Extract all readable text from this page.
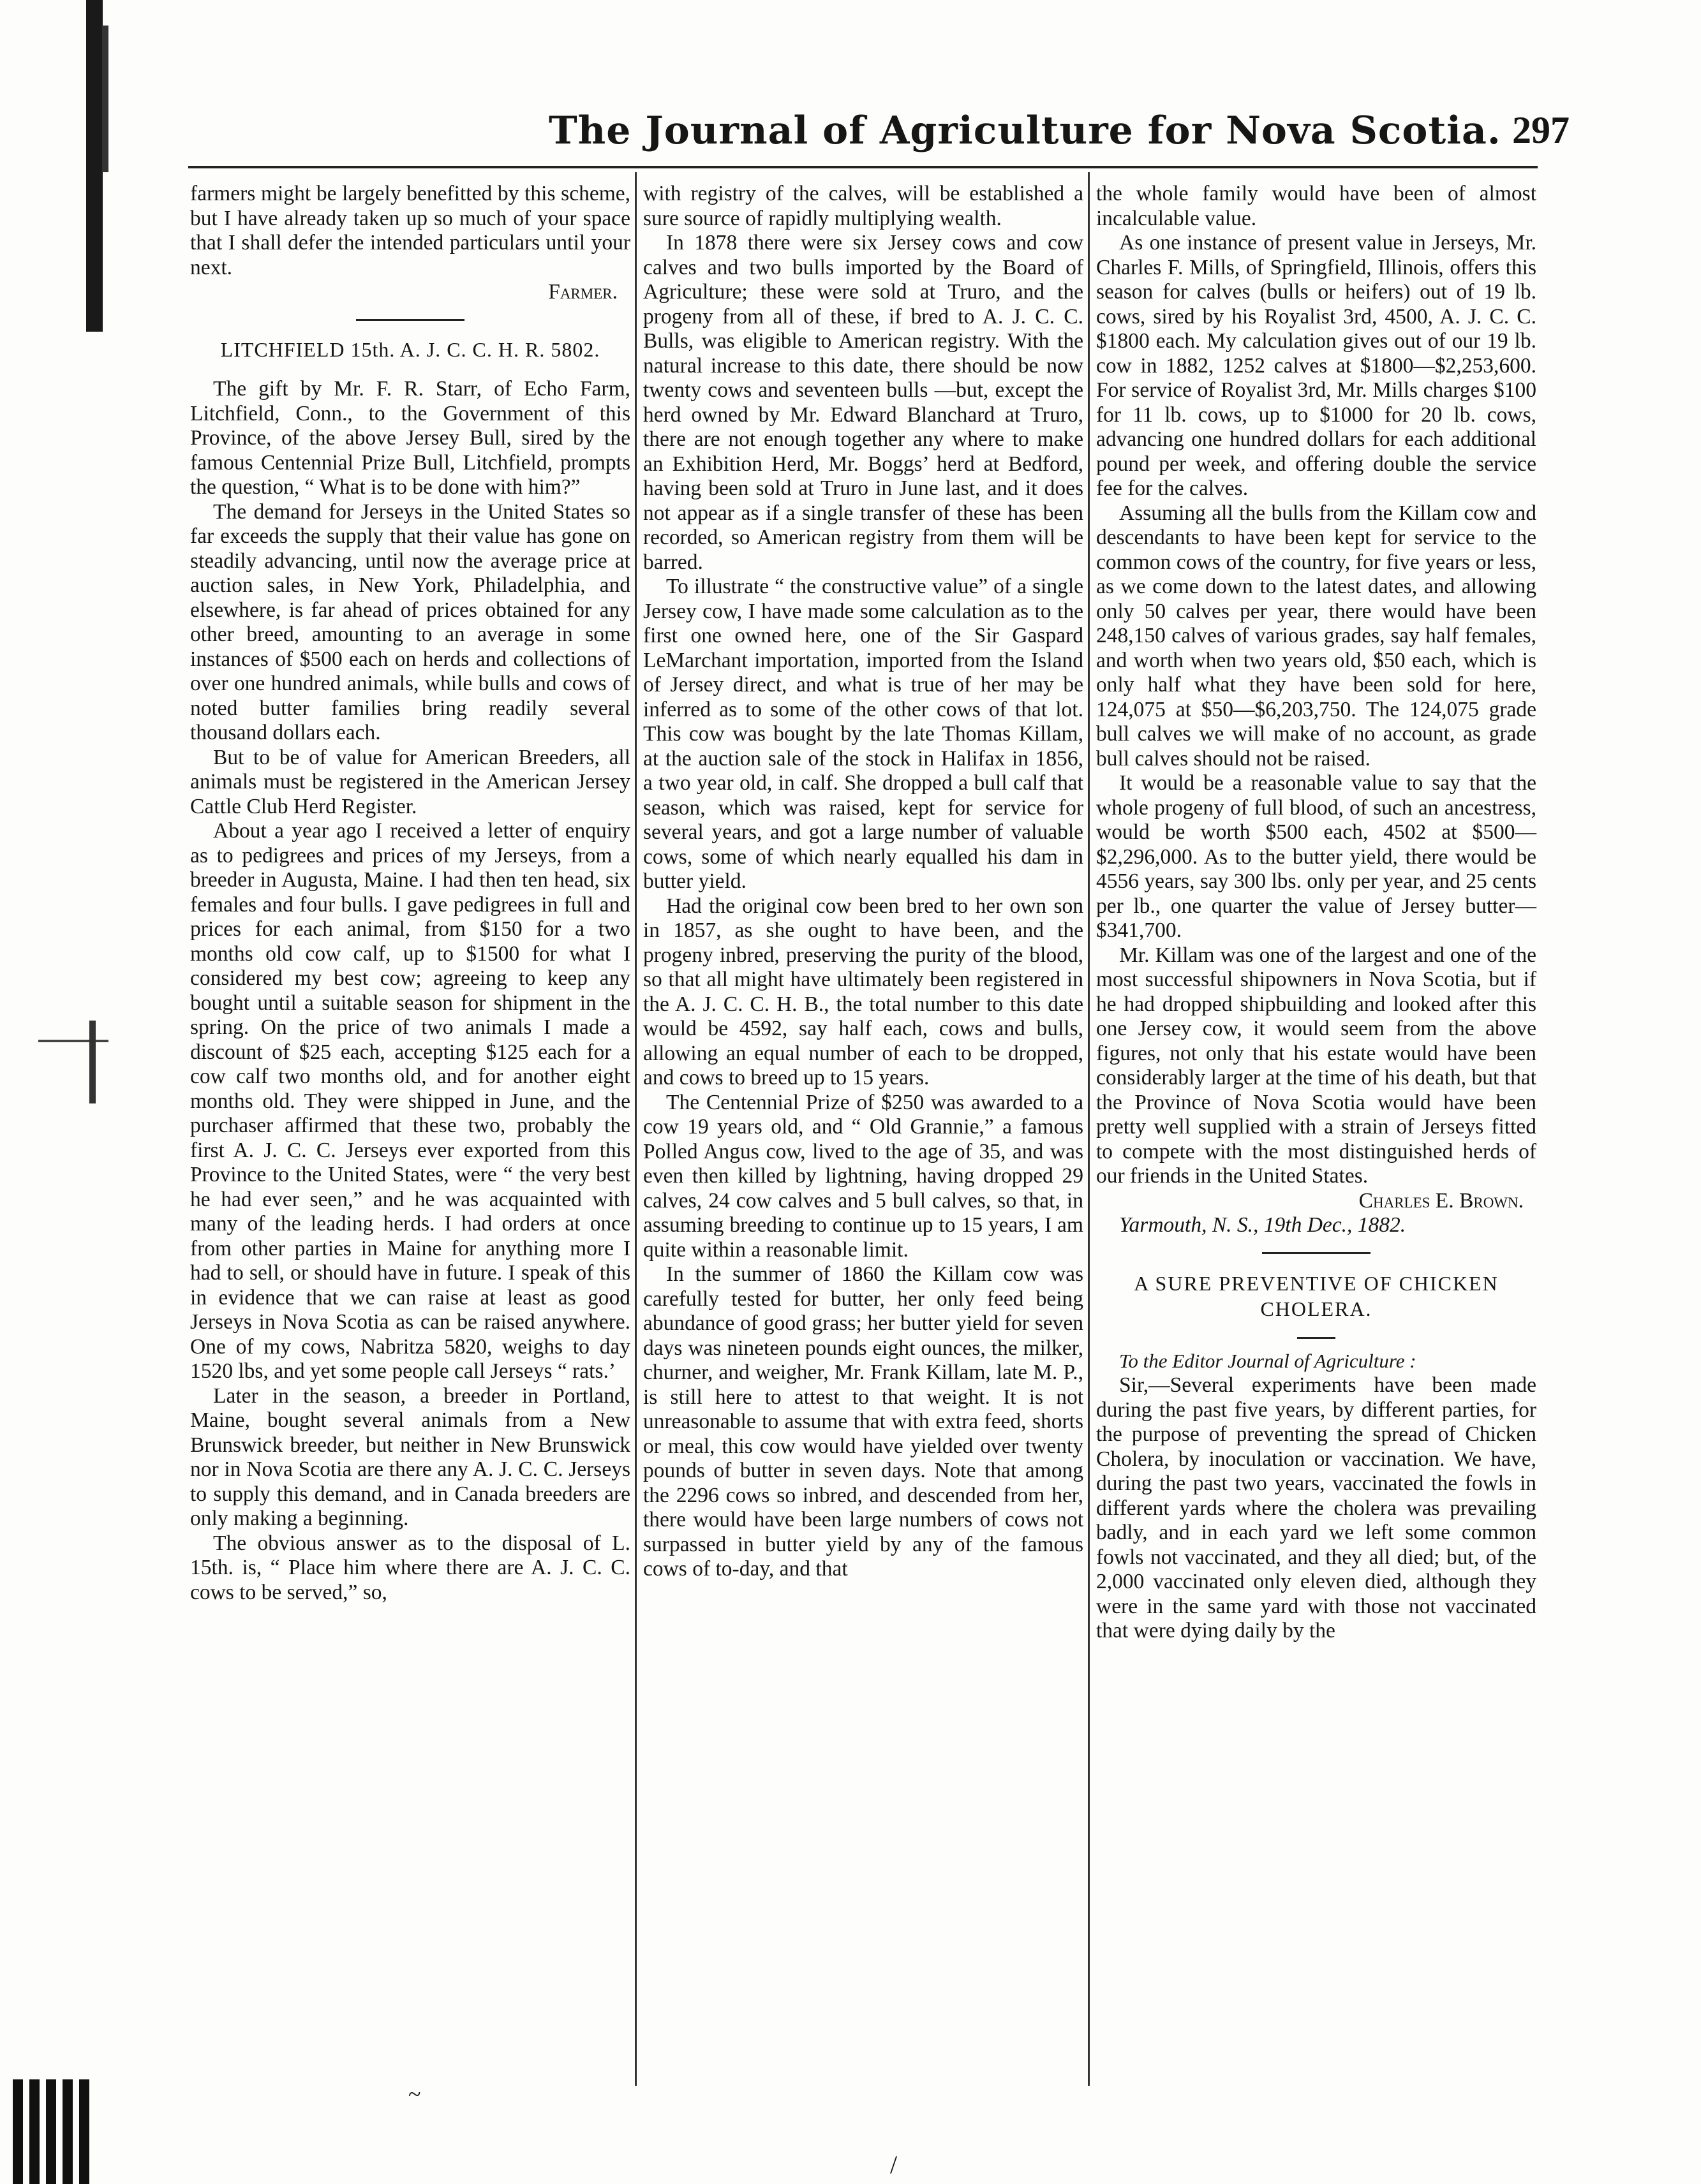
The Journal of Agriculture for Nova Scotia. 297

farmers might be largely benefitted by this scheme, but I have already taken up so much of your space that I shall defer the intended particulars until your next.

Farmer.

LITCHFIELD 15th. A. J. C. C. H. R. 5802.

The gift by Mr. F. R. Starr, of Echo Farm, Litchfield, Conn., to the Government of this Province, of the above Jersey Bull, sired by the famous Centennial Prize Bull, Litchfield, prompts the question, “ What is to be done with him?”

The demand for Jerseys in the United States so far exceeds the supply that their value has gone on steadily advancing, until now the average price at auction sales, in New York, Philadelphia, and elsewhere, is far ahead of prices obtained for any other breed, amounting to an average in some instances of $500 each on herds and collections of over one hundred animals, while bulls and cows of noted butter families bring readily several thousand dollars each.

But to be of value for American Breeders, all animals must be registered in the American Jersey Cattle Club Herd Register.

About a year ago I received a letter of enquiry as to pedigrees and prices of my Jerseys, from a breeder in Augusta, Maine. I had then ten head, six females and four bulls. I gave pedigrees in full and prices for each animal, from $150 for a two months old cow calf, up to $1500 for what I considered my best cow; agreeing to keep any bought until a suitable season for shipment in the spring. On the price of two animals I made a discount of $25 each, accepting $125 each for a cow calf two months old, and for another eight months old. They were shipped in June, and the purchaser affirmed that these two, probably the first A. J. C. C. Jerseys ever exported from this Province to the United States, were “ the very best he had ever seen,” and he was acquainted with many of the leading herds. I had orders at once from other parties in Maine for anything more I had to sell, or should have in future. I speak of this in evidence that we can raise at least as good Jerseys in Nova Scotia as can be raised anywhere. One of my cows, Nabritza 5820, weighs to day 1520 lbs, and yet some people call Jerseys “ rats.’

Later in the season, a breeder in Portland, Maine, bought several animals from a New Brunswick breeder, but neither in New Brunswick nor in Nova Scotia are there any A. J. C. C. Jerseys to supply this demand, and in Canada breeders are only making a beginning.

The obvious answer as to the disposal of L. 15th. is, “ Place him where there are A. J. C. C. cows to be served,” so,

with registry of the calves, will be established a sure source of rapidly multiplying wealth.

In 1878 there were six Jersey cows and cow calves and two bulls imported by the Board of Agriculture; these were sold at Truro, and the progeny from all of these, if bred to A. J. C. C. Bulls, was eligible to American registry. With the natural increase to this date, there should be now twenty cows and seventeen bulls —but, except the herd owned by Mr. Edward Blanchard at Truro, there are not enough together any where to make an Exhibition Herd, Mr. Boggs’ herd at Bedford, having been sold at Truro in June last, and it does not appear as if a single transfer of these has been recorded, so American registry from them will be barred.

To illustrate “ the constructive value” of a single Jersey cow, I have made some calculation as to the first one owned here, one of the Sir Gaspard LeMarchant importation, imported from the Island of Jersey direct, and what is true of her may be inferred as to some of the other cows of that lot. This cow was bought by the late Thomas Killam, at the auction sale of the stock in Halifax in 1856, a two year old, in calf. She dropped a bull calf that season, which was raised, kept for service for several years, and got a large number of valuable cows, some of which nearly equalled his dam in butter yield.

Had the original cow been bred to her own son in 1857, as she ought to have been, and the progeny inbred, preserving the purity of the blood, so that all might have ultimately been registered in the A. J. C. C. H. B., the total number to this date would be 4592, say half each, cows and bulls, allowing an equal number of each to be dropped, and cows to breed up to 15 years.

The Centennial Prize of $250 was awarded to a cow 19 years old, and “ Old Grannie,” a famous Polled Angus cow, lived to the age of 35, and was even then killed by lightning, having dropped 29 calves, 24 cow calves and 5 bull calves, so that, in assuming breeding to continue up to 15 years, I am quite within a reasonable limit.

In the summer of 1860 the Killam cow was carefully tested for butter, her only feed being abundance of good grass; her butter yield for seven days was nineteen pounds eight ounces, the milker, churner, and weigher, Mr. Frank Killam, late M. P., is still here to attest to that weight. It is not unreasonable to assume that with extra feed, shorts or meal, this cow would have yielded over twenty pounds of butter in seven days. Note that among the 2296 cows so inbred, and descended from her, there would have been large numbers of cows not surpassed in butter yield by any of the famous cows of to-day, and that

the whole family would have been of almost incalculable value.

As one instance of present value in Jerseys, Mr. Charles F. Mills, of Springfield, Illinois, offers this season for calves (bulls or heifers) out of 19 lb. cows, sired by his Royalist 3rd, 4500, A. J. C. C. $1800 each. My calculation gives out of our 19 lb. cow in 1882, 1252 calves at $1800—$2,253,600. For service of Royalist 3rd, Mr. Mills charges $100 for 11 lb. cows, up to $1000 for 20 lb. cows, advancing one hundred dollars for each additional pound per week, and offering double the service fee for the calves.

Assuming all the bulls from the Killam cow and descendants to have been kept for service to the common cows of the country, for five years or less, as we come down to the latest dates, and allowing only 50 calves per year, there would have been 248,150 calves of various grades, say half females, and worth when two years old, $50 each, which is only half what they have been sold for here, 124,075 at $50—$6,203,750. The 124,075 grade bull calves we will make of no account, as grade bull calves should not be raised.

It would be a reasonable value to say that the whole progeny of full blood, of such an ancestress, would be worth $500 each, 4502 at $500—$2,296,000. As to the butter yield, there would be 4556 years, say 300 lbs. only per year, and 25 cents per lb., one quarter the value of Jersey butter—$341,700.

Mr. Killam was one of the largest and one of the most successful shipowners in Nova Scotia, but if he had dropped shipbuilding and looked after this one Jersey cow, it would seem from the above figures, not only that his estate would have been considerably larger at the time of his death, but that the Province of Nova Scotia would have been pretty well supplied with a strain of Jerseys fitted to compete with the most distinguished herds of our friends in the United States.

Charles E. Brown.

Yarmouth, N. S., 19th Dec., 1882.

A SURE PREVENTIVE OF CHICKEN CHOLERA.

To the Editor Journal of Agriculture :

Sir,—Several experiments have been made during the past five years, by different parties, for the purpose of preventing the spread of Chicken Cholera, by inoculation or vaccination. We have, during the past two years, vaccinated the fowls in different yards where the cholera was prevailing badly, and in each yard we left some common fowls not vaccinated, and they all died; but, of the 2,000 vaccinated only eleven died, although they were in the same yard with those not vaccinated that were dying daily by the

~
/
